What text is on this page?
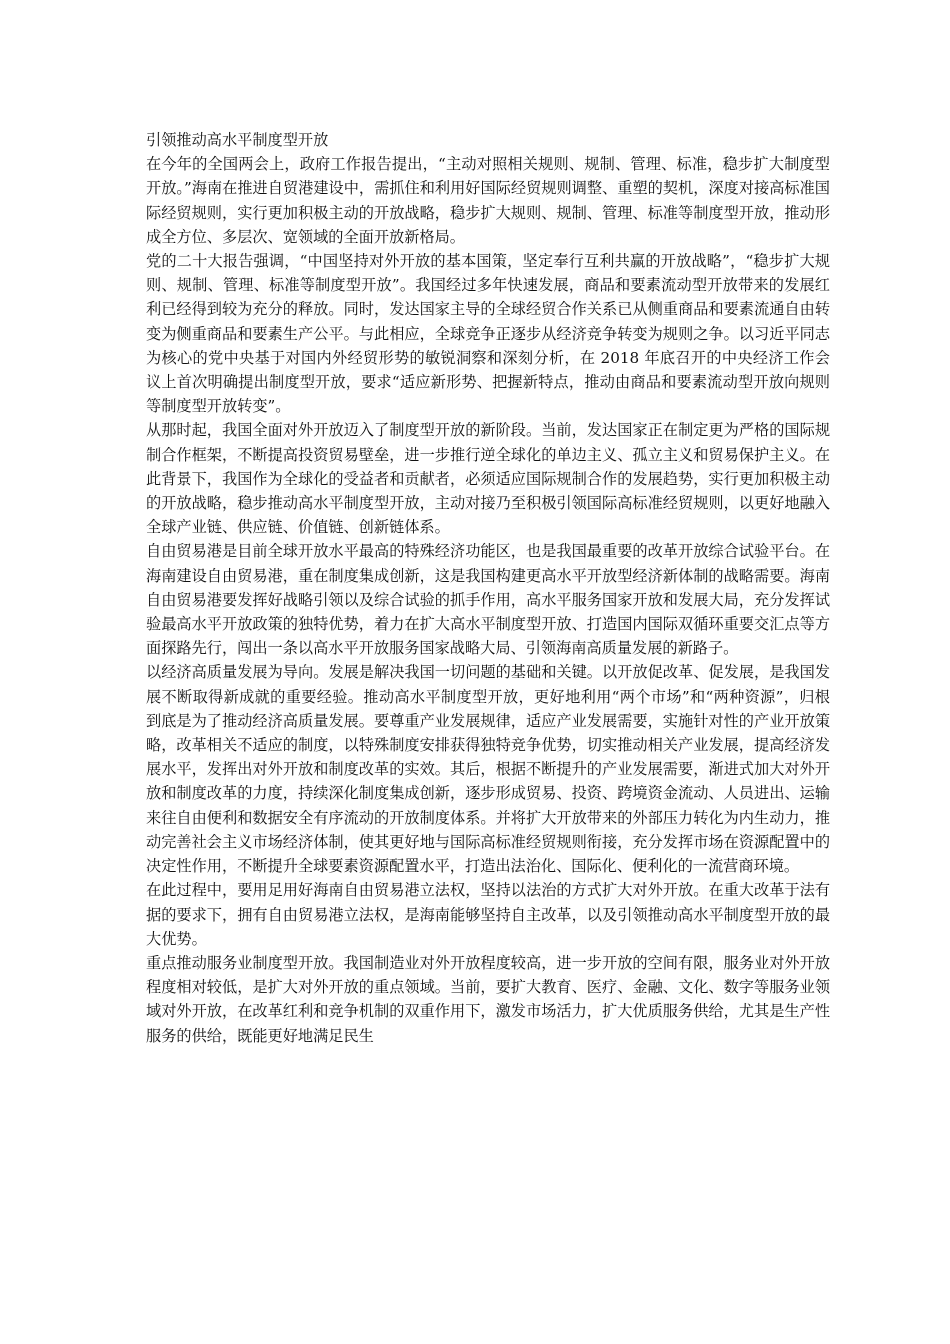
引领推动高水平制度型开放

在今年的全国两会上，政府工作报告提出，“主动对照相关规则、规制、管理、标准，稳步扩大制度型开放。”海南在推进自贸港建设中，需抓住和利用好国际经贸规则调整、重塑的契机，深度对接高标准国际经贸规则，实行更加积极主动的开放战略，稳步扩大规则、规制、管理、标准等制度型开放，推动形成全方位、多层次、宽领域的全面开放新格局。

党的二十大报告强调，“中国坚持对外开放的基本国策，坚定奉行互利共赢的开放战略”，“稳步扩大规则、规制、管理、标准等制度型开放”。我国经过多年快速发展，商品和要素流动型开放带来的发展红利已经得到较为充分的释放。同时，发达国家主导的全球经贸合作关系已从侧重商品和要素流通自由转变为侧重商品和要素生产公平。与此相应，全球竞争正逐步从经济竞争转变为规则之争。以习近平同志为核心的党中央基于对国内外经贸形势的敏锐洞察和深刻分析，在 2018 年底召开的中央经济工作会议上首次明确提出制度型开放，要求“适应新形势、把握新特点，推动由商品和要素流动型开放向规则等制度型开放转变”。

从那时起，我国全面对外开放迈入了制度型开放的新阶段。当前，发达国家正在制定更为严格的国际规制合作框架，不断提高投资贸易壁垒，进一步推行逆全球化的单边主义、孤立主义和贸易保护主义。在此背景下，我国作为全球化的受益者和贡献者，必须适应国际规制合作的发展趋势，实行更加积极主动的开放战略，稳步推动高水平制度型开放，主动对接乃至积极引领国际高标准经贸规则，以更好地融入全球产业链、供应链、价值链、创新链体系。

自由贸易港是目前全球开放水平最高的特殊经济功能区，也是我国最重要的改革开放综合试验平台。在海南建设自由贸易港，重在制度集成创新，这是我国构建更高水平开放型经济新体制的战略需要。海南自由贸易港要发挥好战略引领以及综合试验的抓手作用，高水平服务国家开放和发展大局，充分发挥试验最高水平开放政策的独特优势，着力在扩大高水平制度型开放、打造国内国际双循环重要交汇点等方面探路先行，闯出一条以高水平开放服务国家战略大局、引领海南高质量发展的新路子。

以经济高质量发展为导向。发展是解决我国一切问题的基础和关键。以开放促改革、促发展，是我国发展不断取得新成就的重要经验。推动高水平制度型开放，更好地利用“两个市场”和“两种资源”，归根到底是为了推动经济高质量发展。要尊重产业发展规律，适应产业发展需要，实施针对性的产业开放策略，改革相关不适应的制度，以特殊制度安排获得独特竞争优势，切实推动相关产业发展，提高经济发展水平，发挥出对外开放和制度改革的实效。其后，根据不断提升的产业发展需要，渐进式加大对外开放和制度改革的力度，持续深化制度集成创新，逐步形成贸易、投资、跨境资金流动、人员进出、运输来往自由便利和数据安全有序流动的开放制度体系。并将扩大开放带来的外部压力转化为内生动力，推动完善社会主义市场经济体制，使其更好地与国际高标准经贸规则衔接，充分发挥市场在资源配置中的决定性作用，不断提升全球要素资源配置水平，打造出法治化、国际化、便利化的一流营商环境。

在此过程中，要用足用好海南自由贸易港立法权，坚持以法治的方式扩大对外开放。在重大改革于法有据的要求下，拥有自由贸易港立法权，是海南能够坚持自主改革，以及引领推动高水平制度型开放的最大优势。

重点推动服务业制度型开放。我国制造业对外开放程度较高，进一步开放的空间有限，服务业对外开放程度相对较低，是扩大对外开放的重点领域。当前，要扩大教育、医疗、金融、文化、数字等服务业领域对外开放，在改革红利和竞争机制的双重作用下，激发市场活力，扩大优质服务供给，尤其是生产性服务的供给，既能更好地满足民生
